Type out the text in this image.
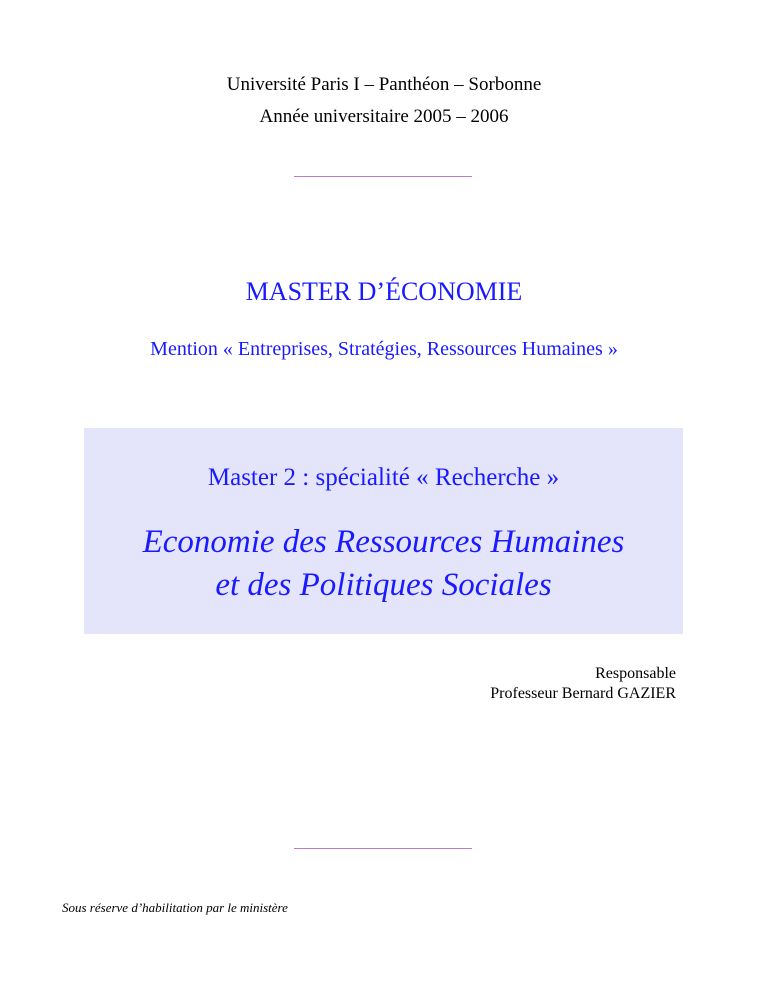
Université Paris I – Panthéon – Sorbonne
Année universitaire 2005 – 2006
MASTER D’ÉCONOMIE
Mention « Entreprises, Stratégies, Ressources Humaines »
Master 2 : spécialité « Recherche »
Economie des Ressources Humaines
et des Politiques Sociales
Responsable
Professeur Bernard GAZIER
Sous réserve d’habilitation par le ministère
